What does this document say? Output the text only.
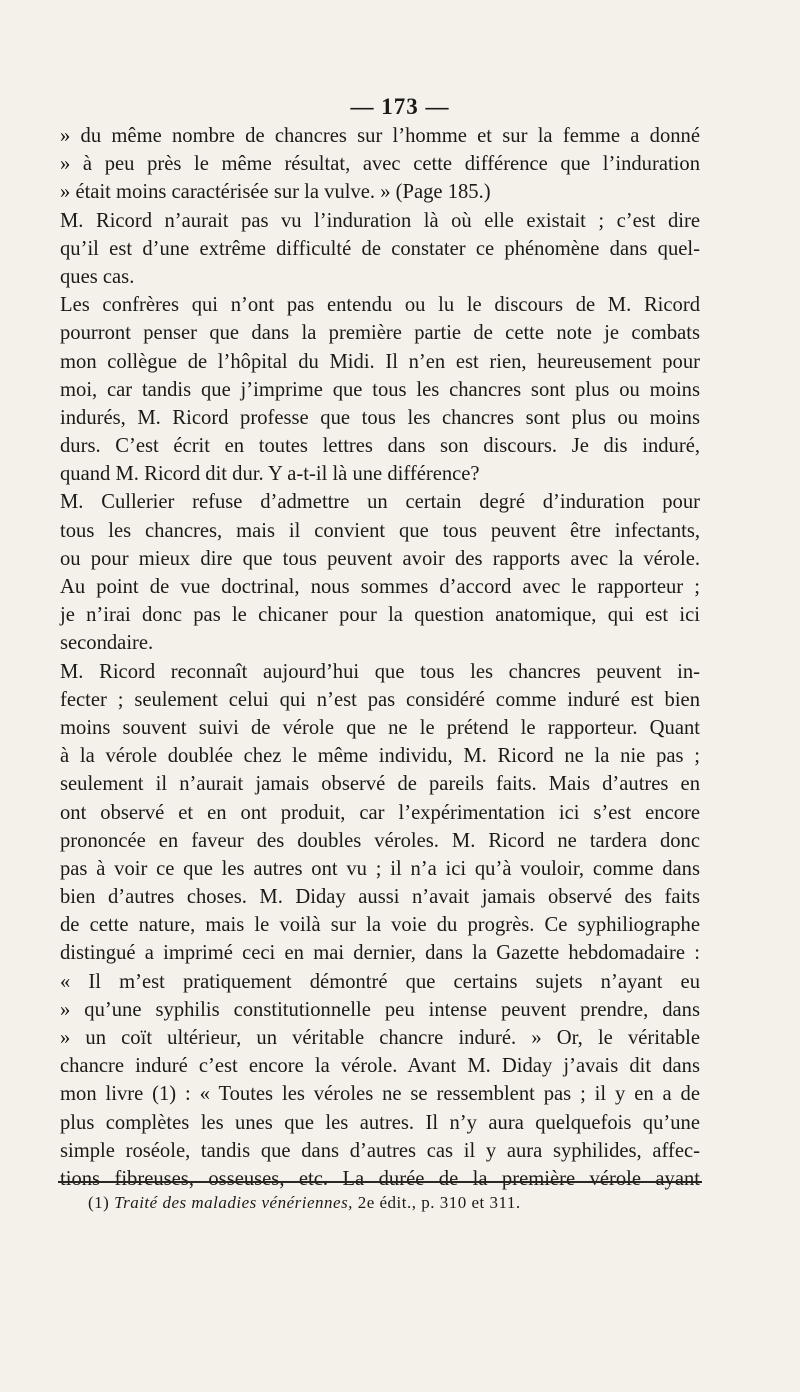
— 173 —
» du même nombre de chancres sur l’homme et sur la femme a donné
» à peu près le même résultat, avec cette différence que l’induration
» était moins caractérisée sur la vulve. » (Page 185.)
M. Ricord n’aurait pas vu l’induration là où elle existait ; c’est dire
qu’il est d’une extrême difficulté de constater ce phénomène dans quel-
ques cas.
Les confrères qui n’ont pas entendu ou lu le discours de M. Ricord
pourront penser que dans la première partie de cette note je combats
mon collègue de l’hôpital du Midi. Il n’en est rien, heureusement pour
moi, car tandis que j’imprime que tous les chancres sont plus ou moins
indurés, M. Ricord professe que tous les chancres sont plus ou moins
durs. C’est écrit en toutes lettres dans son discours. Je dis induré,
quand M. Ricord dit dur. Y a-t-il là une différence?
M. Cullerier refuse d’admettre un certain degré d’induration pour
tous les chancres, mais il convient que tous peuvent être infectants,
ou pour mieux dire que tous peuvent avoir des rapports avec la vérole.
Au point de vue doctrinal, nous sommes d’accord avec le rapporteur ;
je n’irai donc pas le chicaner pour la question anatomique, qui est ici
secondaire.
M. Ricord reconnaît aujourd’hui que tous les chancres peuvent in-
fecter ; seulement celui qui n’est pas considéré comme induré est bien
moins souvent suivi de vérole que ne le prétend le rapporteur. Quant
à la vérole doublée chez le même individu, M. Ricord ne la nie pas ;
seulement il n’aurait jamais observé de pareils faits. Mais d’autres en
ont observé et en ont produit, car l’expérimentation ici s’est encore
prononcée en faveur des doubles véroles. M. Ricord ne tardera donc
pas à voir ce que les autres ont vu ; il n’a ici qu’à vouloir, comme dans
bien d’autres choses. M. Diday aussi n’avait jamais observé des faits
de cette nature, mais le voilà sur la voie du progrès. Ce syphiliographe
distingué a imprimé ceci en mai dernier, dans la Gazette hebdomadaire :
« Il m’est pratiquement démontré que certains sujets n’ayant eu
» qu’une syphilis constitutionnelle peu intense peuvent prendre, dans
» un coït ultérieur, un véritable chancre induré. » Or, le véritable
chancre induré c’est encore la vérole. Avant M. Diday j’avais dit dans
mon livre (1) : « Toutes les véroles ne se ressemblent pas ; il y en a de
plus complètes les unes que les autres. Il n’y aura quelquefois qu’une
simple roséole, tandis que dans d’autres cas il y aura syphilides, affec-
tions fibreuses, osseuses, etc. La durée de la première vérole ayant
(1) Traité des maladies vénériennes, 2e édit., p. 310 et 311.
